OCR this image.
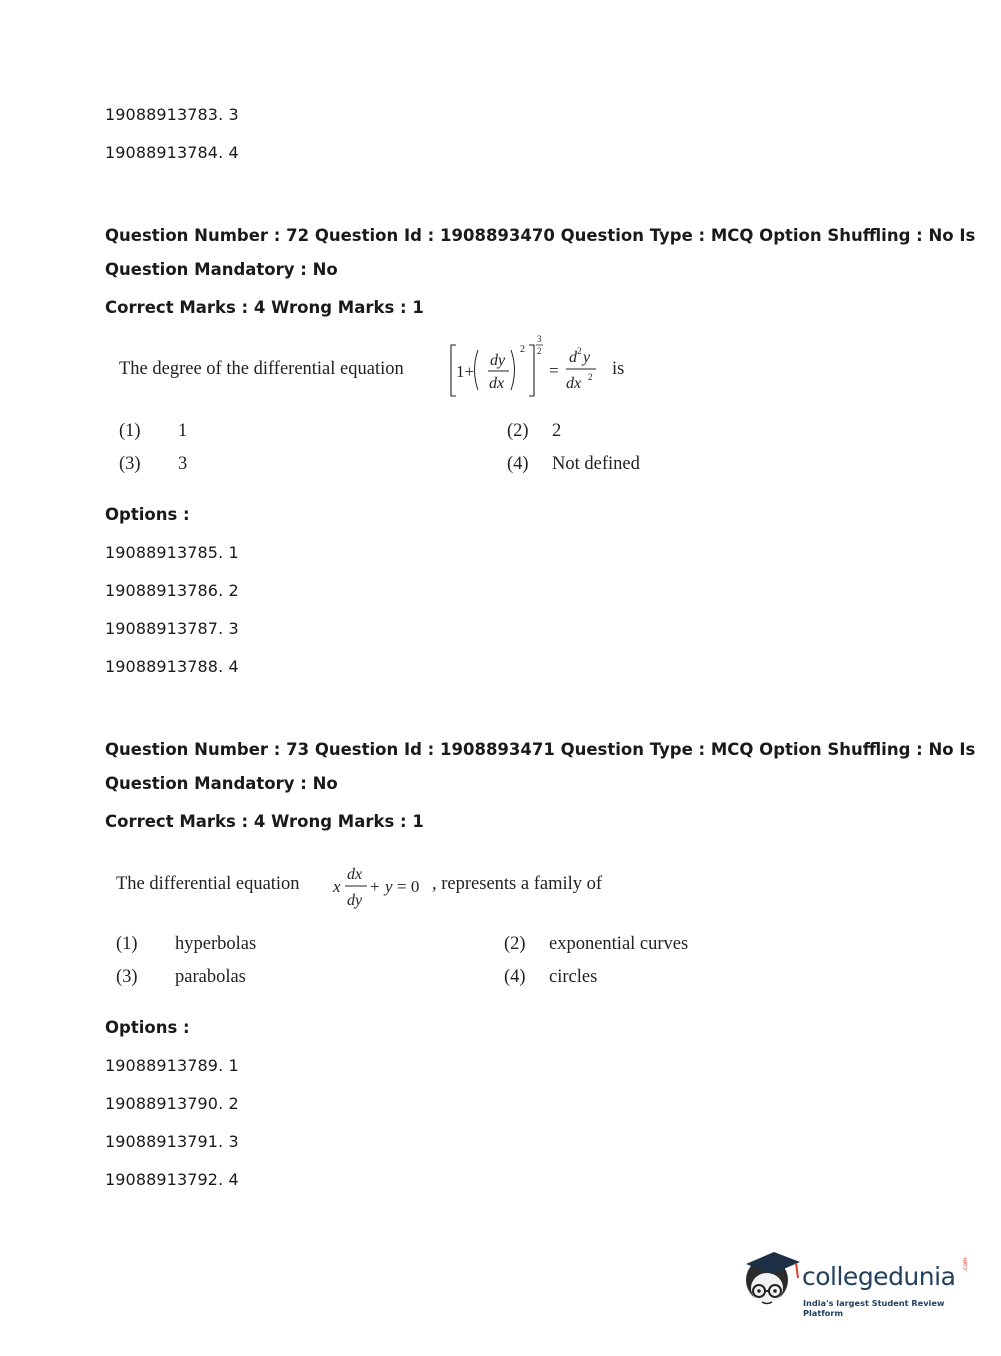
19088913783. 3
19088913784. 4
Question Number : 72 Question Id : 1908893470 Question Type : MCQ Option Shuffling : No Is
Question Mandatory : No
Correct Marks : 4 Wrong Marks : 1
The degree of the differential equation	1+
dy
dx
2
3
2
=
d 2 y
dx 2 is
(1) 1	(2) 2
(3) 3	(4) Not defined
Options :
19088913785. 1
19088913786. 2
19088913787. 3
19088913788. 4
Question Number : 73 Question Id : 1908893471 Question Type : MCQ Option Shuffling : No Is
Question Mandatory : No
Correct Marks : 4 Wrong Marks : 1
The differential equation x
dx
dy
+ y = 0 , represents a family of
(1) hyperbolas	(2) exponential curves
(3) parabolas	(4) circles
Options :
19088913789. 1
19088913790. 2
19088913791. 3
19088913792. 4
collegedunia .com
India's largest Student Review Platform
